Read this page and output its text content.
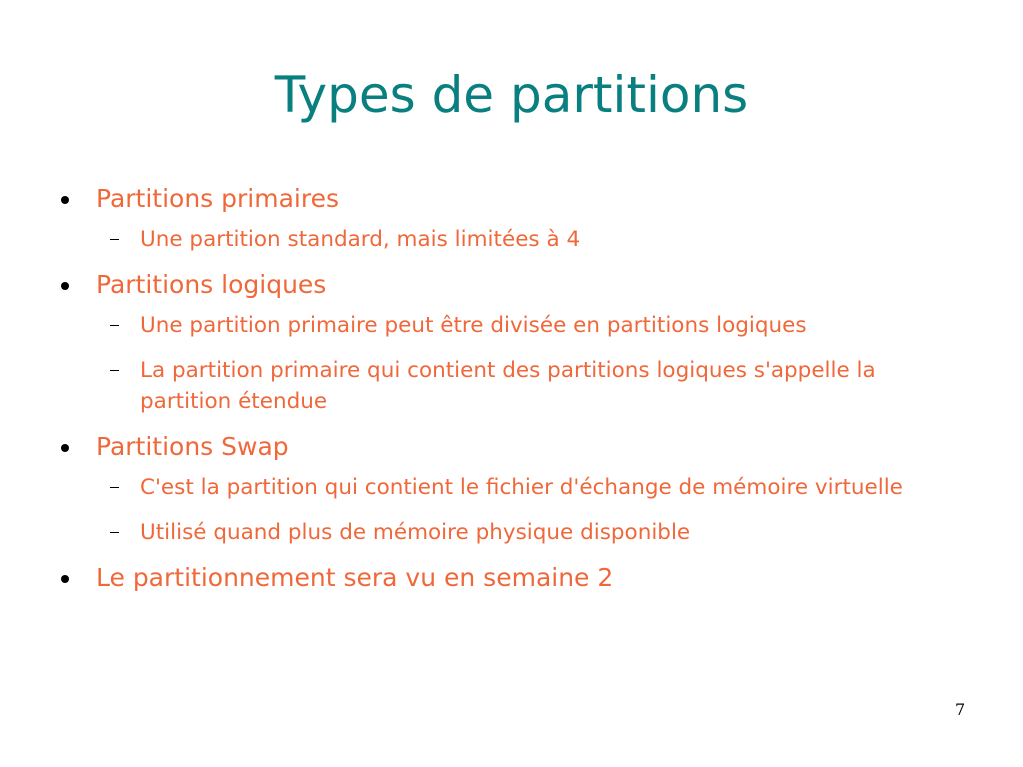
Types de partitions
Partitions primaires
Une partition standard, mais limitées à 4
Partitions logiques
Une partition primaire peut être divisée en partitions logiques
La partition primaire qui contient des partitions logiques s'appelle la partition étendue
Partitions Swap
C'est la partition qui contient le fichier d'échange de mémoire virtuelle
Utilisé quand plus de mémoire physique disponible
Le partitionnement sera vu en semaine 2
7
